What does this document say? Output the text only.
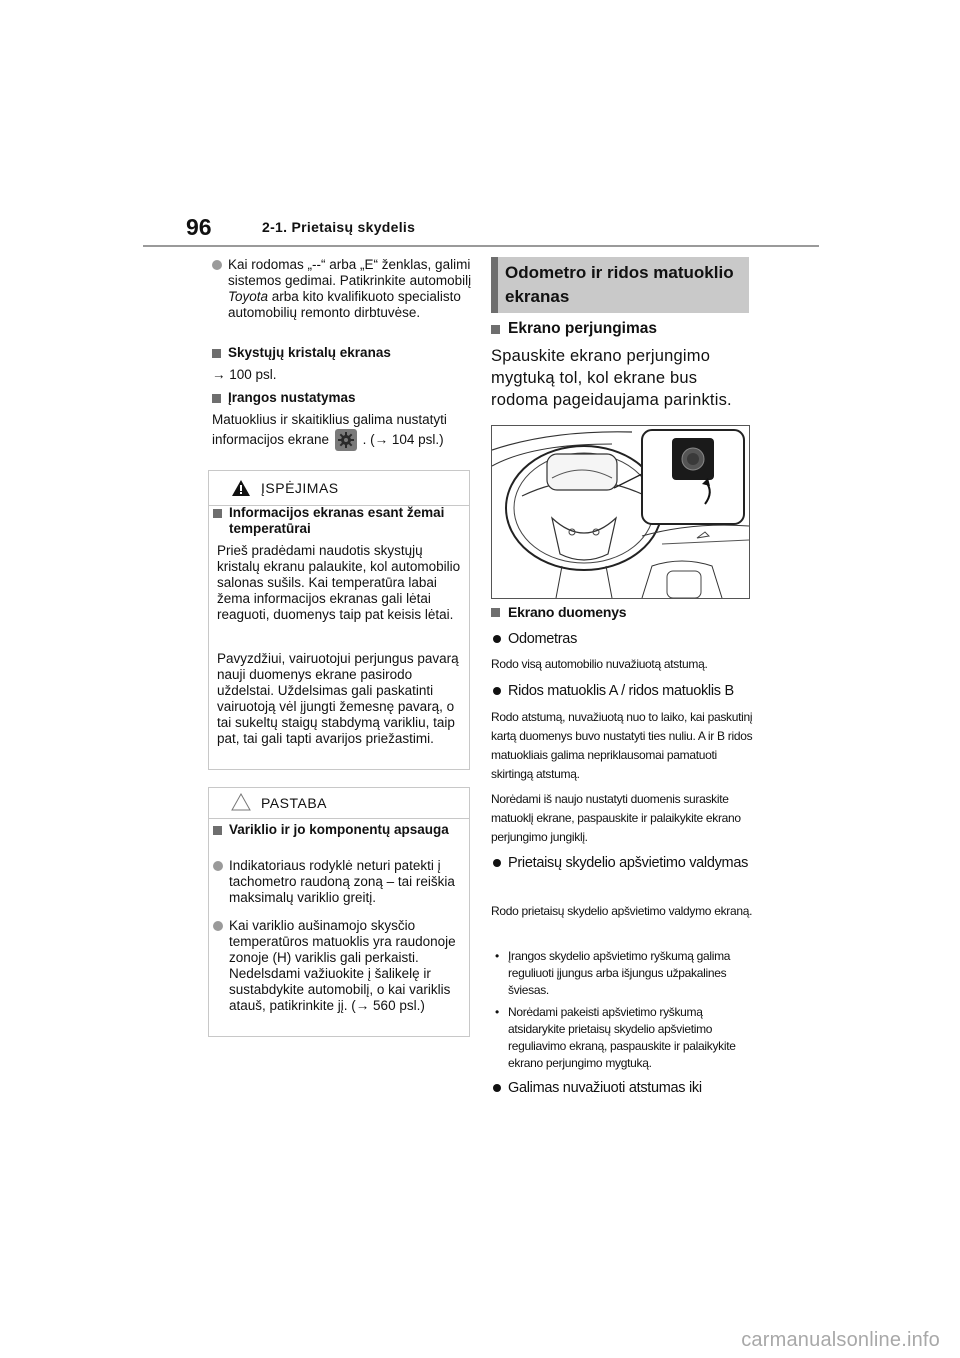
96	2-1. Prietaisų skydelis
Kai rodomas „--“ arba „E“ ženklas, galimi sistemos gedimai. Patikrinkite automobilį Toyota arba kito kvalifikuoto specialisto automobilių remonto dirbtuvėse.
Skystųjų kristalų ekranas
→ 100 psl.
Įrangos nustatymas
Matuoklius ir skaitiklius galima nustatyti
informacijos ekrane . (→ 104 psl.)
ĮSPĖJIMAS
Informacijos ekranas esant žemai temperatūrai
Prieš pradėdami naudotis skystųjų kristalų ekranu palaukite, kol automobilio salonas sušils. Kai temperatūra labai žema informacijos ekranas gali lėtai reaguoti, duomenys taip pat keisis lėtai.
Pavyzdžiui, vairuotojui perjungus pavarą nauji duomenys ekrane pasirodo uždelstai. Uždelsimas gali paskatinti vairuotoją vėl įjungti žemesnę pavarą, o tai sukeltų staigų stabdymą varikliu, taip pat, tai gali tapti avarijos priežastimi.
PASTABA
Variklio ir jo komponentų apsauga
Indikatoriaus rodyklė neturi patekti į tachometro raudoną zoną – tai reiškia maksimalų variklio greitį.
Kai variklio aušinamojo skysčio temperatūros matuoklis yra raudonoje zonoje (H) variklis gali perkaisti. Nedelsdami važiuokite į šalikelę ir sustabdykite automobilį, o kai variklis atauš, patikrinkite jį. (→ 560 psl.)
Odometro ir ridos matuoklio ekranas
Ekrano perjungimas
Spauskite ekrano perjungimo mygtuką tol, kol ekrane bus rodoma pageidaujama parinktis.
Ekrano duomenys
Odometras
Rodo visą automobilio nuvažiuotą atstumą.
Ridos matuoklis A / ridos matuoklis B
Rodo atstumą, nuvažiuotą nuo to laiko, kai paskutinį kartą duomenys buvo nustatyti ties nuliu. A ir B ridos matuokliais galima nepriklausomai pamatuoti skirtingą atstumą.
Norėdami iš naujo nustatyti duomenis suraskite matuoklį ekrane, paspauskite ir palaikykite ekrano perjungimo jungiklį.
Prietaisų skydelio apšvietimo valdymas
Rodo prietaisų skydelio apšvietimo valdymo ekraną.
• Įrangos skydelio apšvietimo ryškumą galima reguliuoti įjungus arba išjungus užpakalines šviesas.
• Norėdami pakeisti apšvietimo ryškumą atsidarykite prietaisų skydelio apšvietimo reguliavimo ekraną, paspauskite ir palaikykite ekrano perjungimo mygtuką.
Galimas nuvažiuoti atstumas iki
carmanualsonline.info
